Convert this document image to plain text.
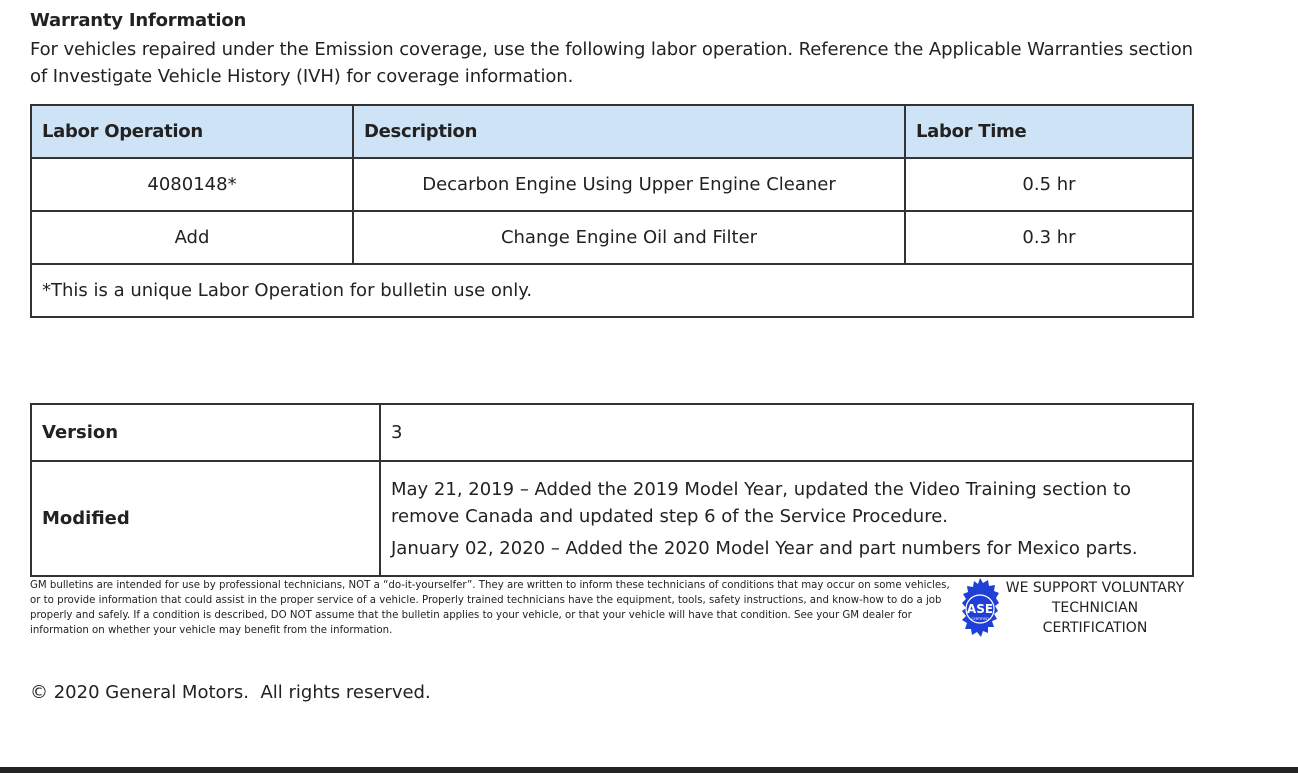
Warranty Information

For vehicles repaired under the Emission coverage, use the following labor operation. Reference the Applicable Warranties section of Investigate Vehicle History (IVH) for coverage information.

Labor Operation	Description	Labor Time
4080148*	Decarbon Engine Using Upper Engine Cleaner	0.5 hr
Add	Change Engine Oil and Filter	0.3 hr
*This is a unique Labor Operation for bulletin use only.		
Version	3
Modified	May 21, 2019 – Added the 2019 Model Year, updated the Video Training section to remove Canada and updated step 6 of the Service Procedure.

January 02, 2020 – Added the 2020 Model Year and part numbers for Mexico parts.

GM bulletins are intended for use by professional technicians, NOT a “do-it-yourselfer”. They are written to inform these technicians of conditions that may occur on some vehicles, or to provide information that could assist in the proper service of a vehicle. Properly trained technicians have the equipment, tools, safety instructions, and know-how to do a job properly and safely. If a condition is described, DO NOT assume that the bulletin applies to your vehicle, or that your vehicle will have that condition. See your GM dealer for information on whether your vehicle may benefit from the information.

ASE
CERTIFIED
WE SUPPORT VOLUNTARY
TECHNICIAN
CERTIFICATION

© 2020 General Motors.  All rights reserved.
